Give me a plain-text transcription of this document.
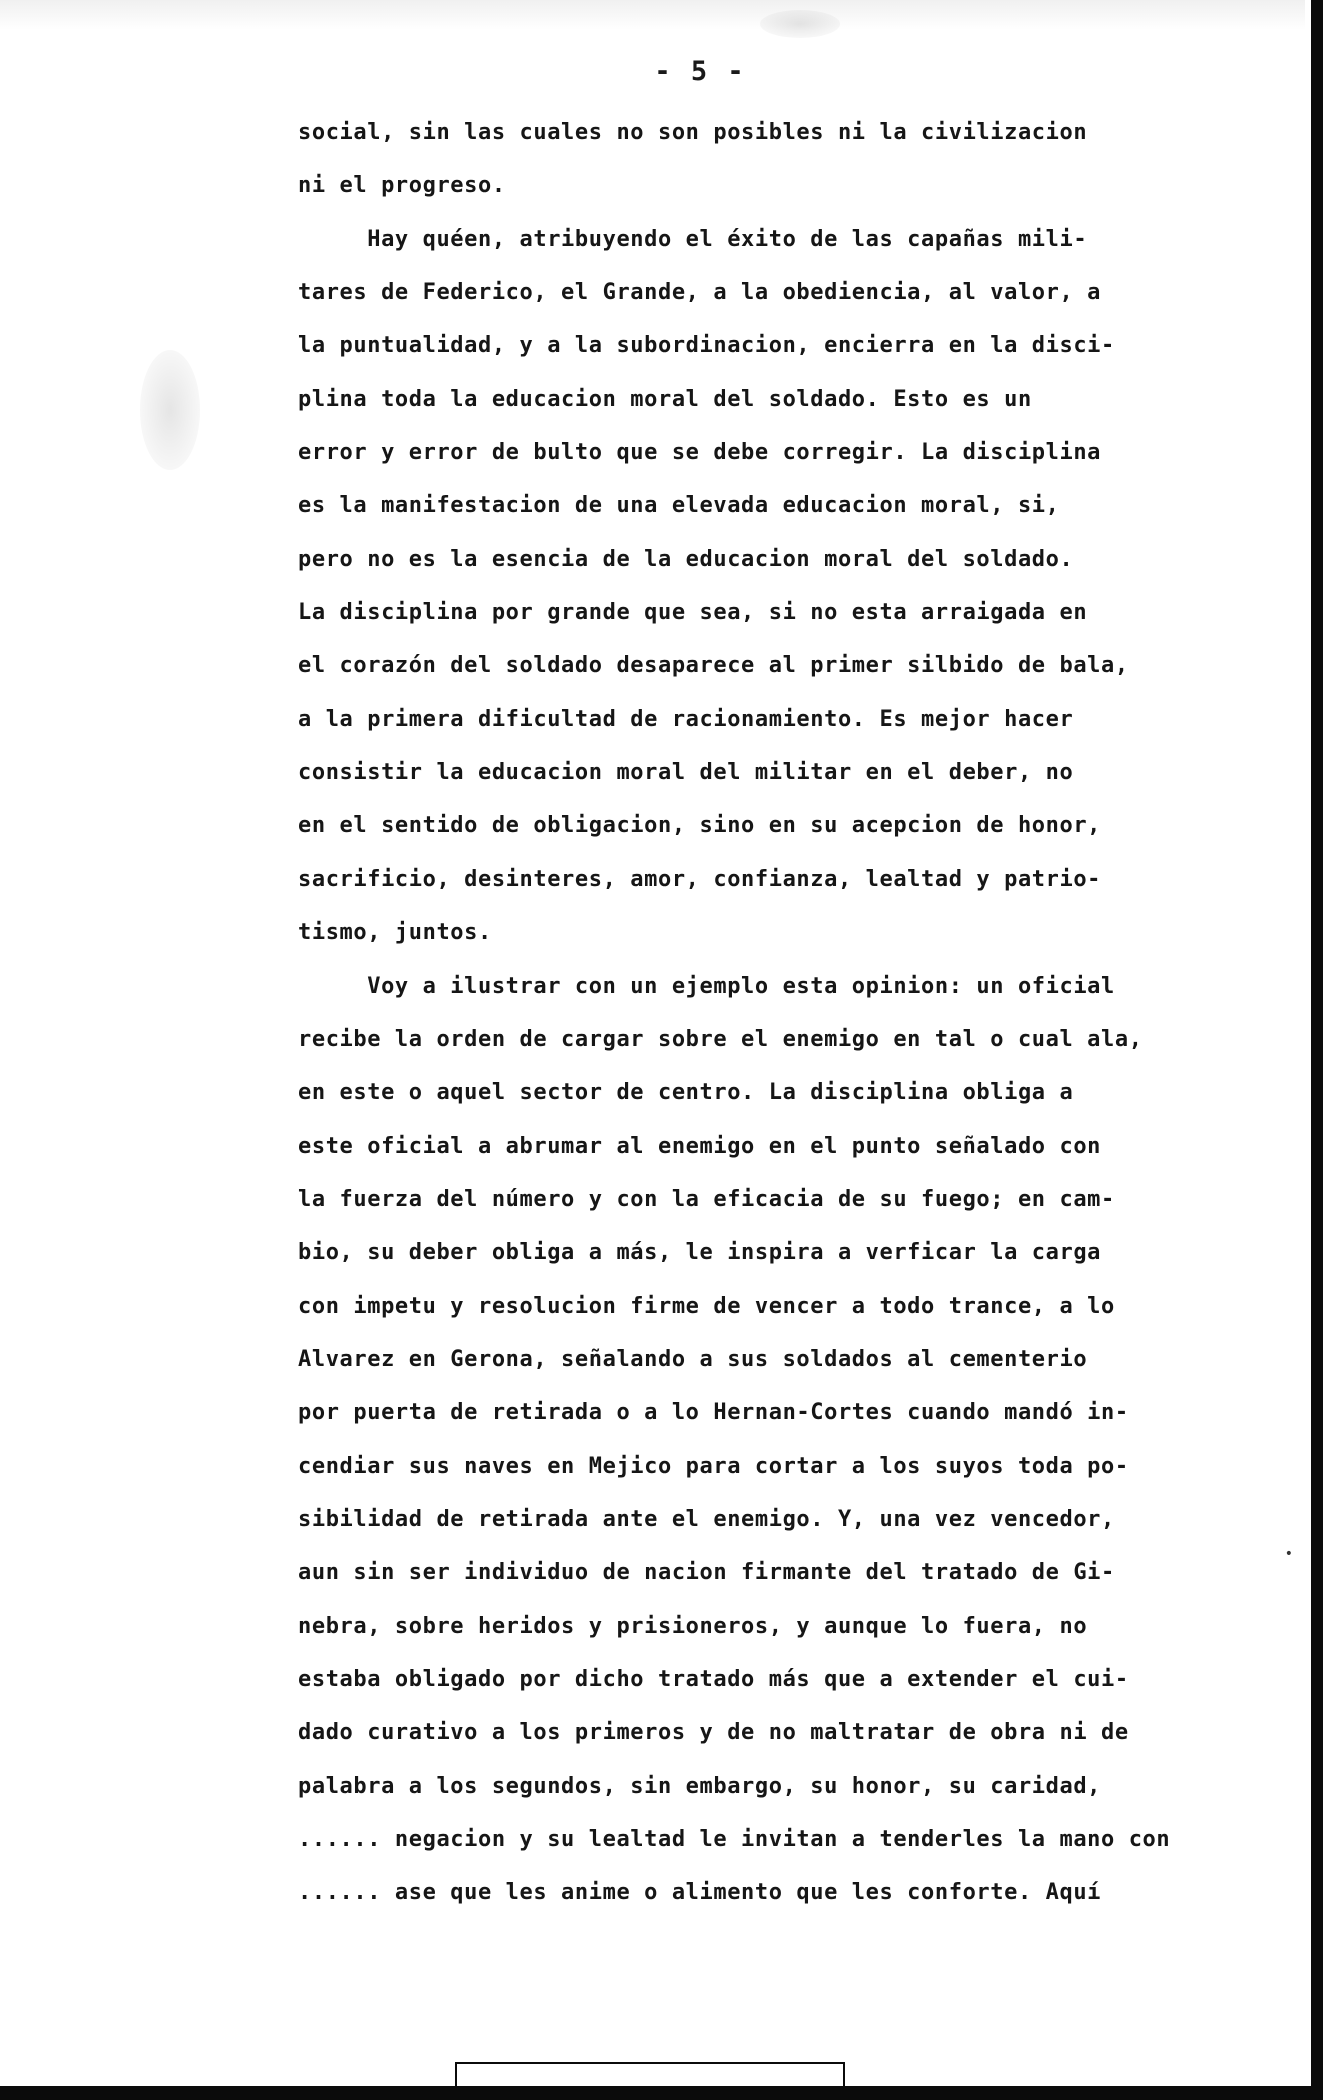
- 5 -
social, sin las cuales no son posibles ni la civilizacion
ni el progreso.
Hay quéen, atribuyendo el éxito de las capañas mili-
tares de Federico, el Grande, a la obediencia, al valor, a
la puntualidad, y a la subordinacion, encierra en la disci-
plina toda la educacion moral del soldado. Esto es un
error y error de bulto que se debe corregir. La disciplina
es la manifestacion de una elevada educacion moral, si,
pero no es la esencia de la educacion moral del soldado.
La disciplina por grande que sea, si no esta arraigada en
el corazón del soldado desaparece al primer silbido de bala,
a la primera dificultad de racionamiento. Es mejor hacer
consistir la educacion moral del militar en el deber, no
en el sentido de obligacion, sino en su acepcion de honor,
sacrificio, desinteres, amor, confianza, lealtad y patrio-
tismo, juntos.
Voy a ilustrar con un ejemplo esta opinion: un oficial
recibe la orden de cargar sobre el enemigo en tal o cual ala,
en este o aquel sector de centro. La disciplina obliga a
este oficial a abrumar al enemigo en el punto señalado con
la fuerza del número y con la eficacia de su fuego; en cam-
bio, su deber obliga a más, le inspira a verficar la carga
con impetu y resolucion firme de vencer a todo trance, a lo
Alvarez en Gerona, señalando a sus soldados al cementerio
por puerta de retirada o a lo Hernan-Cortes cuando mandó in-
cendiar sus naves en Mejico para cortar a los suyos toda po-
sibilidad de retirada ante el enemigo. Y, una vez vencedor,
aun sin ser individuo de nacion firmante del tratado de Gi-
nebra, sobre heridos y prisioneros, y aunque lo fuera, no
estaba obligado por dicho tratado más que a extender el cui-
dado curativo a los primeros y de no maltratar de obra ni de
palabra a los segundos, sin embargo, su honor, su caridad,
...... negacion y su lealtad le invitan a tenderles la mano con
...... ase que les anime o alimento que les conforte. Aquí
•
